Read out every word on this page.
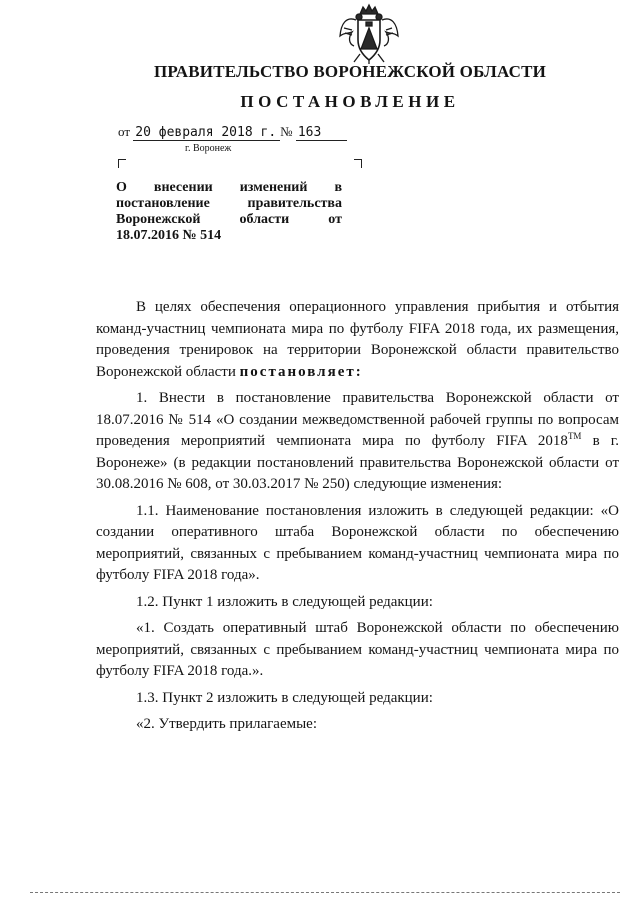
ПРАВИТЕЛЬСТВО ВОРОНЕЖСКОЙ ОБЛАСТИ
ПОСТАНОВЛЕНИЕ
от 20 февраля 2018 г. № 163
г. Воронеж
О внесении изменений в
постановление правительства
Воронежской области от
18.07.2016 № 514

В целях обеспечения операционного управления прибытия и отбытия команд-участниц чемпионата мира по футболу FIFA 2018 года, их размещения, проведения тренировок на территории Воронежской области правительство Воронежской области постановляет:

1. Внести в постановление правительства Воронежской области от 18.07.2016 № 514 «О создании межведомственной рабочей группы по вопросам проведения мероприятий чемпионата мира по футболу FIFA 2018™ в г. Воронеже» (в редакции постановлений правительства Воронежской области от 30.08.2016 № 608, от 30.03.2017 № 250) следующие изменения:

1.1. Наименование постановления изложить в следующей редакции: «О создании оперативного штаба Воронежской области по обеспечению мероприятий, связанных с пребыванием команд-участниц чемпионата мира по футболу FIFA 2018 года».

1.2. Пункт 1 изложить в следующей редакции:

«1. Создать оперативный штаб Воронежской области по обеспечению мероприятий, связанных с пребыванием команд-участниц чемпионата мира по футболу FIFA 2018 года.».

1.3. Пункт 2 изложить в следующей редакции:

«2. Утвердить прилагаемые:
